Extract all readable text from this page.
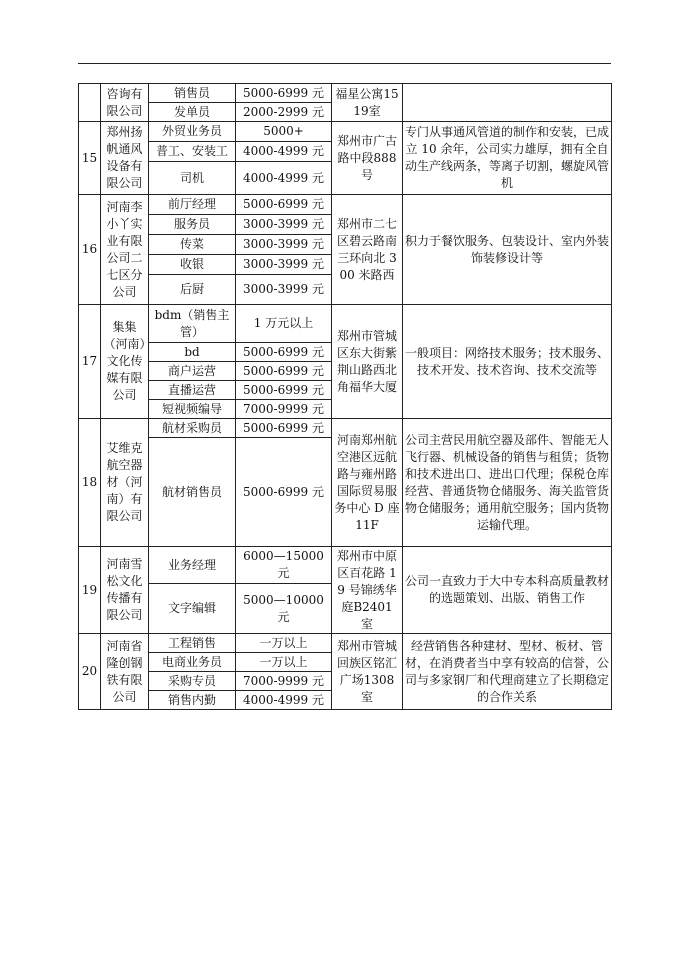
	咨询有限公司	销售员	5000-6999 元	福星公寓1519室	
		发单员	2000-2999 元		
15	郑州扬帆通风设备有限公司	外贸业务员	5000+	郑州市广古路中段888 号	专门从事通风管道的制作和安装，已成立 10 余年，公司实力雄厚，拥有全自动生产线两条，等离子切割，螺旋风管机
		普工、安装工	4000-4999 元		
		司机	4000-4999 元		
16	河南李小丫实业有限公司二七区分公司	前厅经理	5000-6999 元	郑州市二七区碧云路南三环向北 300 米路西	积力于餐饮服务、包装设计、室内外装饰装修设计等
		服务员	3000-3999 元		
		传菜	3000-3999 元		
		收银	3000-3999 元		
		后厨	3000-3999 元		
17	集集（河南）文化传媒有限公司	bdm（销售主管）	1 万元以上	郑州市管城区东大街紫荆山路西北角福华大厦	一般项目：网络技术服务；技术服务、技术开发、技术咨询、技术交流等
		bd	5000-6999 元		
		商户运营	5000-6999 元		
		直播运营	5000-6999 元		
		短视频编导	7000-9999 元		
18	艾维克航空器材（河南）有限公司	航材采购员	5000-6999 元	河南郑州航空港区远航路与雍州路国际贸易服务中心 D 座 11F	公司主营民用航空器及部件、智能无人飞行器、机械设备的销售与租赁；货物和技术进出口、进出口代理；保税仓库经营、普通货物仓储服务、海关监管货物仓储服务；通用航空服务；国内货物运输代理。
		航材销售员	5000-6999 元		
19	河南雪松文化传播有限公司	业务经理	6000—15000元	郑州市中原区百花路 19 号锦绣华庭B2401 室	公司一直致力于大中专本科高质量教材的选题策划、出版、销售工作
		文字编辑	5000—10000元		
20	河南省隆创钢铁有限公司	工程销售	一万以上	郑州市管城回族区铭汇广场1308 室	经营销售各种建材、型材、板材、管材，在消费者当中享有较高的信誉，公司与多家钢厂和代理商建立了长期稳定的合作关系
		电商业务员	一万以上		
		采购专员	7000-9999 元		
		销售内勤	4000-4999 元		
